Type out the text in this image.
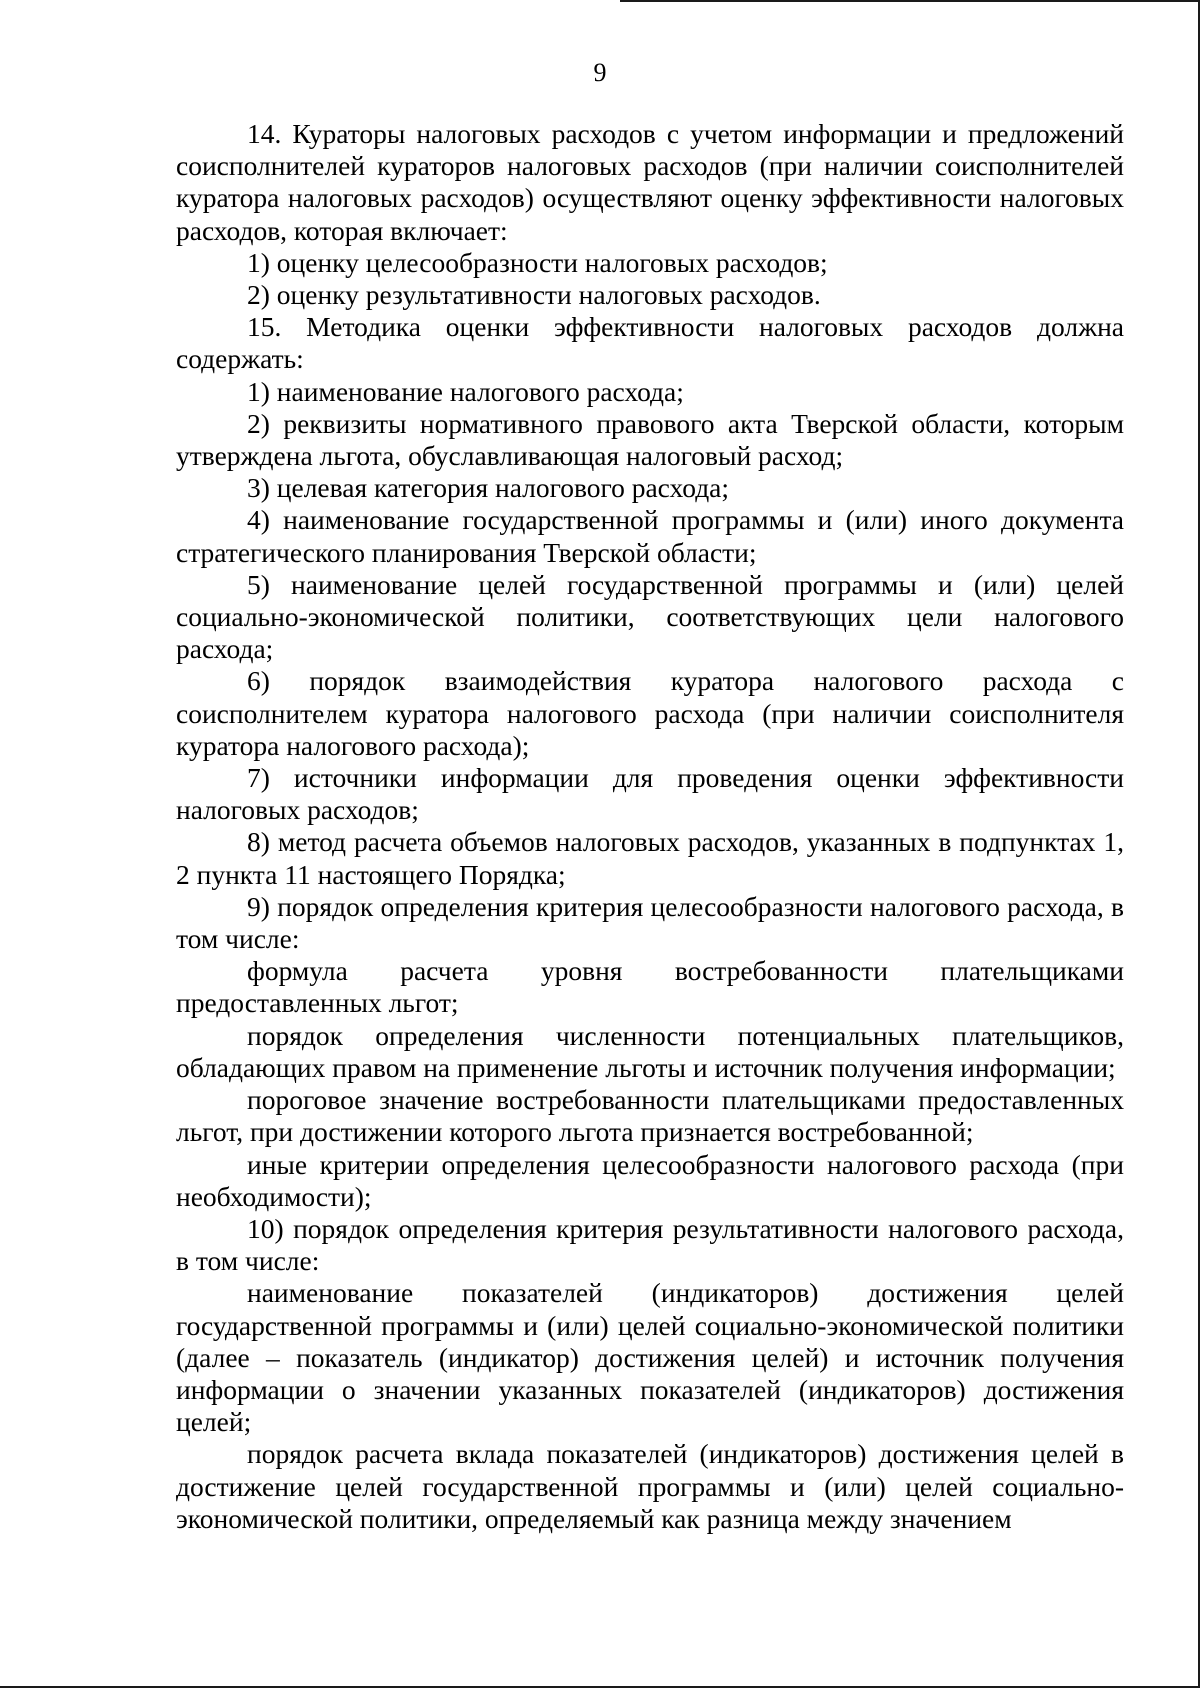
9

14. Кураторы налоговых расходов с учетом информации и предложений соисполнителей кураторов налоговых расходов (при наличии соисполнителей куратора налоговых расходов) осуществляют оценку эффективности налоговых расходов, которая включает:

1) оценку целесообразности налоговых расходов;

2) оценку результативности налоговых расходов.

15. Методика оценки эффективности налоговых расходов должна содержать:

1) наименование налогового расхода;

2) реквизиты нормативного правового акта Тверской области, которым утверждена льгота, обуславливающая налоговый расход;

3) целевая категория налогового расхода;

4) наименование государственной программы и (или) иного документа стратегического планирования Тверской области;

5) наименование целей государственной программы и (или) целей социально-экономической политики, соответствующих цели налогового расхода;

6) порядок взаимодействия куратора налогового расхода с соисполнителем куратора налогового расхода (при наличии соисполнителя куратора налогового расхода);

7) источники информации для проведения оценки эффективности налоговых расходов;

8) метод расчета объемов налоговых расходов, указанных в подпунктах 1, 2 пункта 11 настоящего Порядка;

9) порядок определения критерия целесообразности налогового расхода, в том числе:

формула расчета уровня востребованности плательщиками предоставленных льгот;

порядок определения численности потенциальных плательщиков, обладающих правом на применение льготы и источник получения информации;

пороговое значение востребованности плательщиками предоставленных льгот, при достижении которого льгота признается востребованной;

иные критерии определения целесообразности налогового расхода (при необходимости);

10) порядок определения критерия результативности налогового расхода, в том числе:

наименование показателей (индикаторов) достижения целей государственной программы и (или) целей социально-экономической политики (далее – показатель (индикатор) достижения целей) и источник получения информации о значении указанных показателей (индикаторов) достижения целей;

порядок расчета вклада показателей (индикаторов) достижения целей в достижение целей государственной программы и (или) целей социально-экономической политики, определяемый как разница между значением
